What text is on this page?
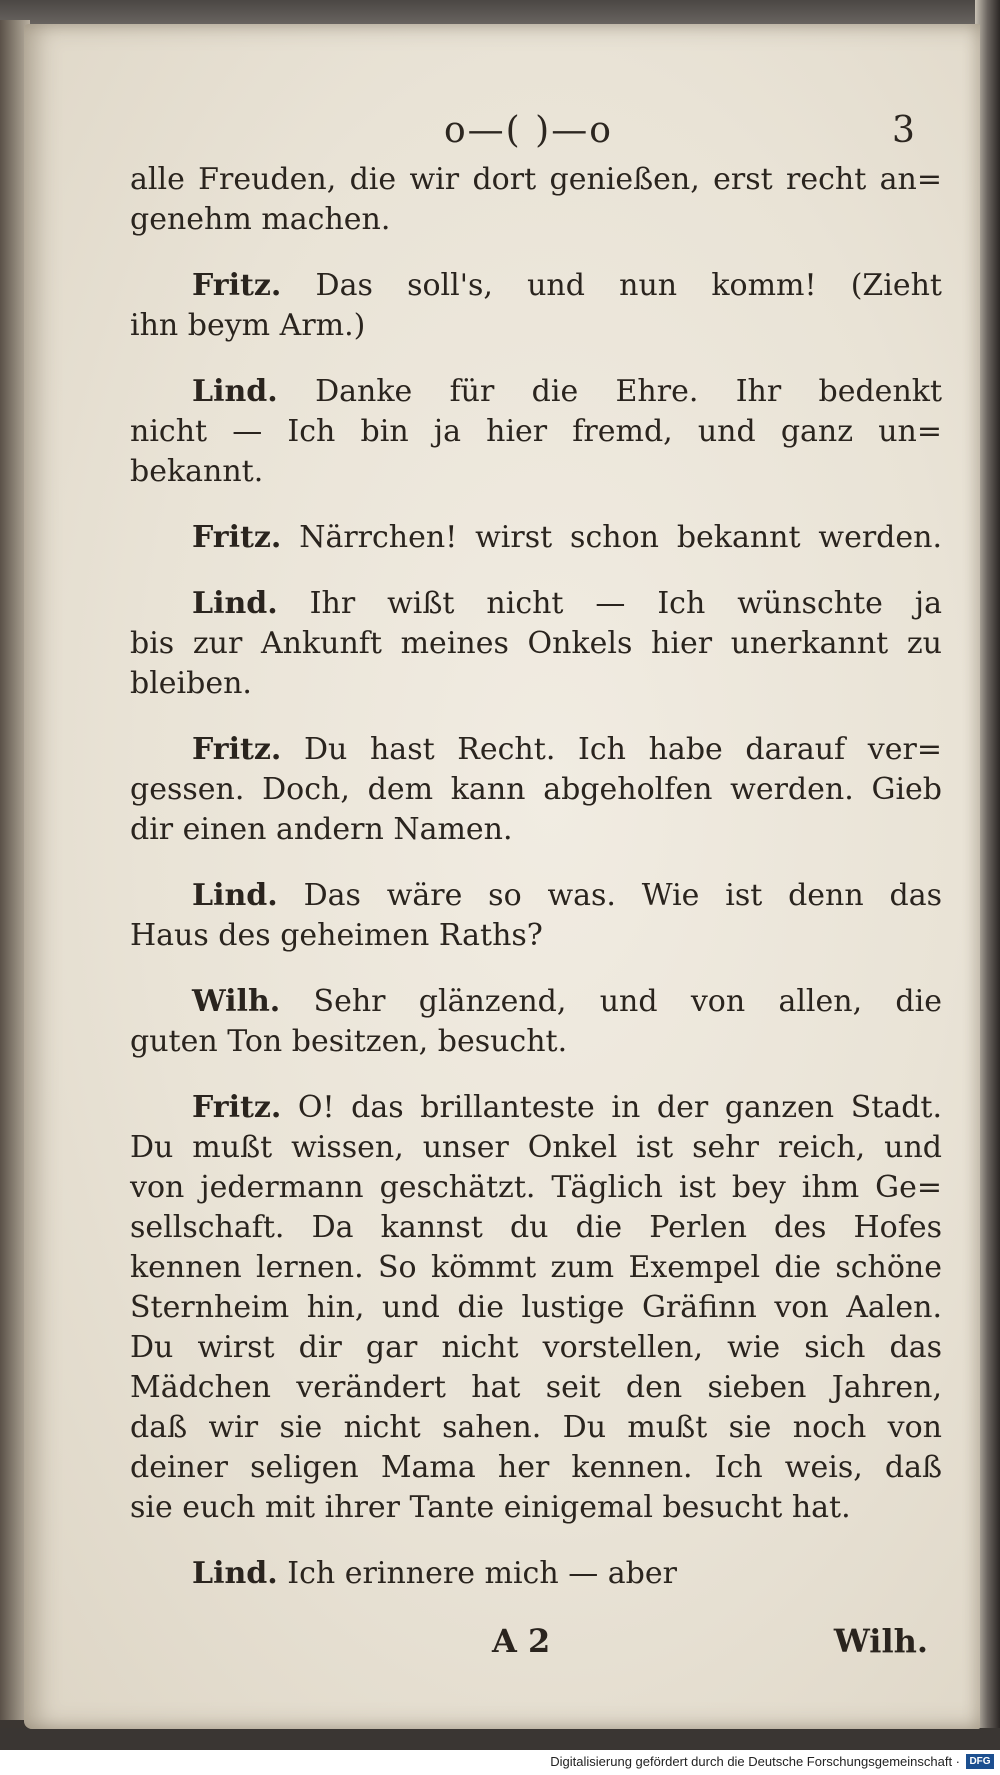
o—( )—o	3
alle Freuden, die wir dort genießen, erst recht an=
genehm machen.
Fritz. Das soll's, und nun komm! (Zieht
ihn beym Arm.)
Lind. Danke für die Ehre. Ihr bedenkt
nicht — Ich bin ja hier fremd, und ganz un=
bekannt.
Fritz. Närrchen! wirst schon bekannt werden.
Lind. Ihr wißt nicht — Ich wünschte ja
bis zur Ankunft meines Onkels hier unerkannt zu
bleiben.
Fritz. Du hast Recht. Ich habe darauf ver=
gessen. Doch, dem kann abgeholfen werden. Gieb
dir einen andern Namen.
Lind. Das wäre so was. Wie ist denn das
Haus des geheimen Raths?
Wilh. Sehr glänzend, und von allen, die
guten Ton besitzen, besucht.
Fritz. O! das brillanteste in der ganzen Stadt.
Du mußt wissen, unser Onkel ist sehr reich, und
von jedermann geschätzt. Täglich ist bey ihm Ge=
sellschaft. Da kannst du die Perlen des Hofes
kennen lernen. So kömmt zum Exempel die schöne
Sternheim hin, und die lustige Gräfinn von Aalen.
Du wirst dir gar nicht vorstellen, wie sich das
Mädchen verändert hat seit den sieben Jahren,
daß wir sie nicht sahen. Du mußt sie noch von
deiner seligen Mama her kennen. Ich weis, daß
sie euch mit ihrer Tante einigemal besucht hat.
Lind. Ich erinnere mich — aber
A 2	Wilh.
Digitalisierung gefördert durch die Deutsche Forschungsgemeinschaft · DFG
